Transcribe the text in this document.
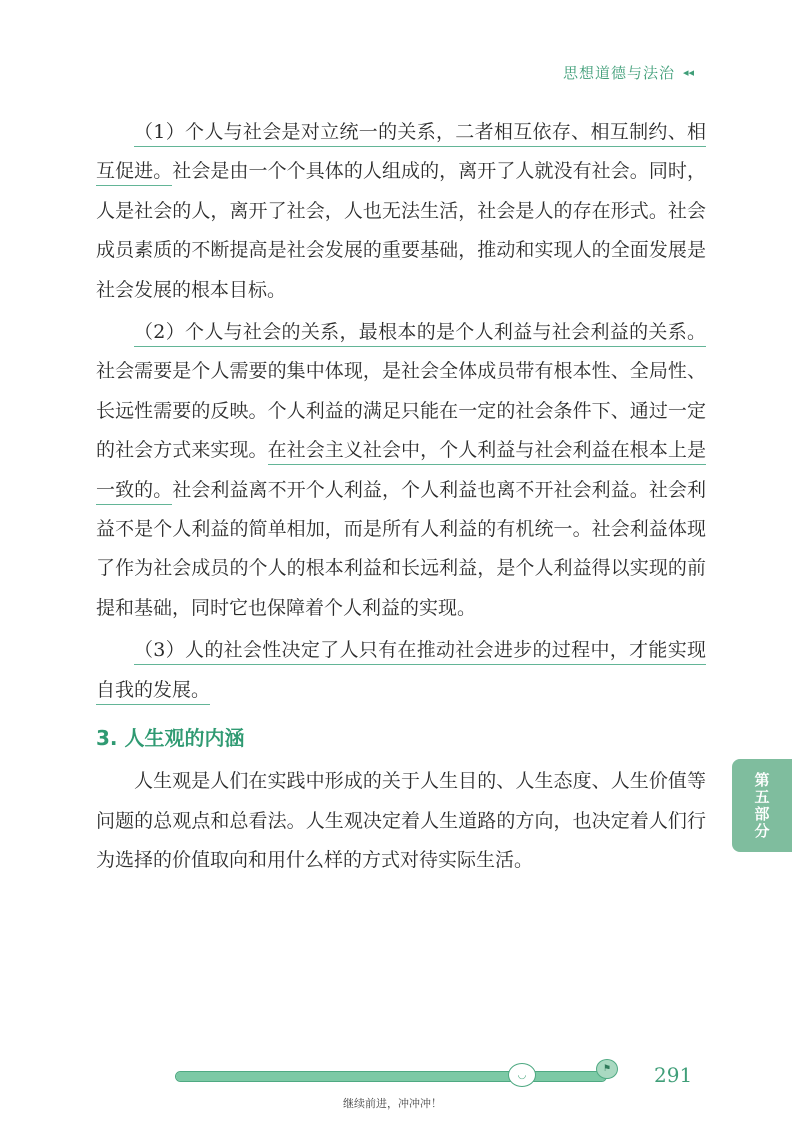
思想道德与法治 ◂◂

（1）个人与社会是对立统一的关系，二者相互依存、相互制约、相互促进。社会是由一个个具体的人组成的，离开了人就没有社会。同时，人是社会的人，离开了社会，人也无法生活，社会是人的存在形式。社会成员素质的不断提高是社会发展的重要基础，推动和实现人的全面发展是社会发展的根本目标。

（2）个人与社会的关系，最根本的是个人利益与社会利益的关系。社会需要是个人需要的集中体现，是社会全体成员带有根本性、全局性、长远性需要的反映。个人利益的满足只能在一定的社会条件下、通过一定的社会方式来实现。在社会主义社会中，个人利益与社会利益在根本上是一致的。社会利益离不开个人利益，个人利益也离不开社会利益。社会利益不是个人利益的简单相加，而是所有人利益的有机统一。社会利益体现了作为社会成员的个人的根本利益和长远利益，是个人利益得以实现的前提和基础，同时它也保障着个人利益的实现。

（3）人的社会性决定了人只有在推动社会进步的过程中，才能实现自我的发展。

3. 人生观的内涵

人生观是人们在实践中形成的关于人生目的、人生态度、人生价值等问题的总观点和总看法。人生观决定着人生道路的方向，也决定着人们行为选择的价值取向和用什么样的方式对待实际生活。

第五部分
◡
⚑
继续前进，冲冲冲！
291
